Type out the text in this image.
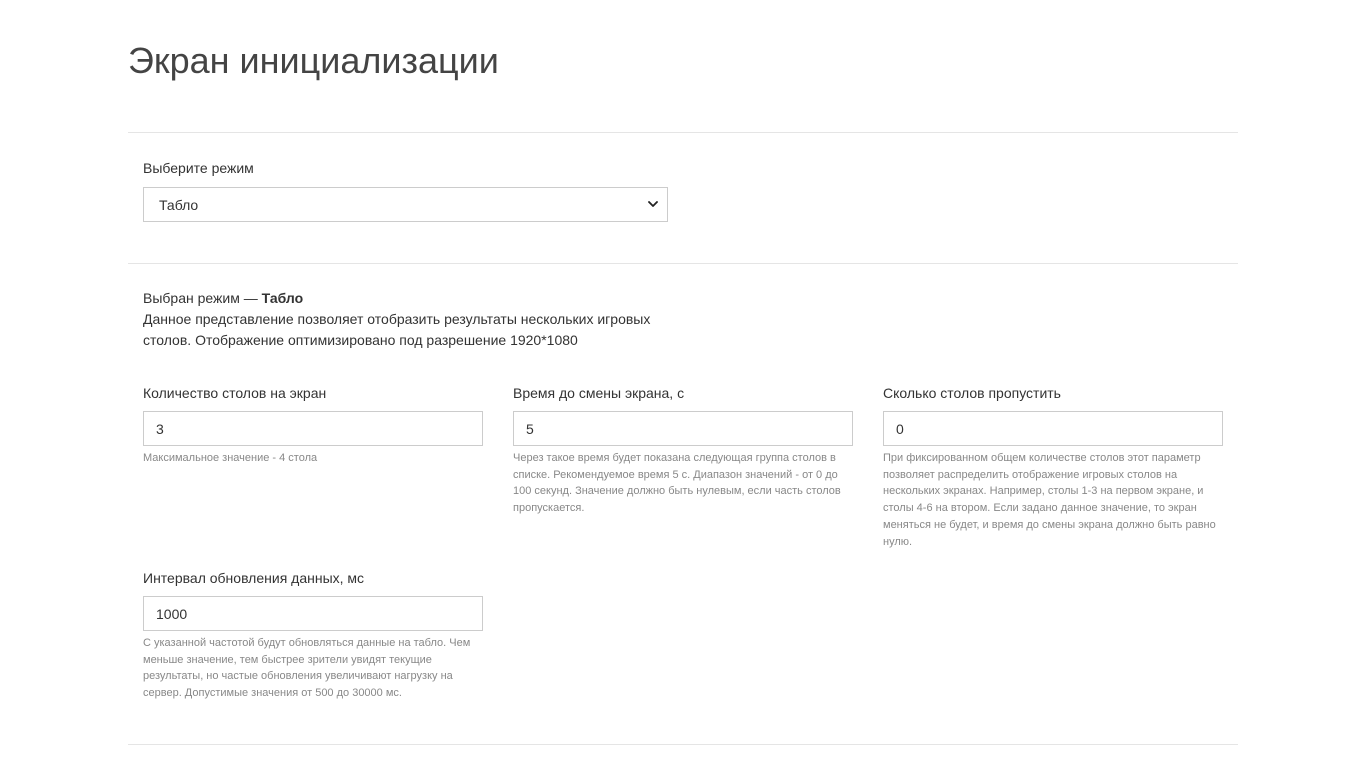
Экран инициализации
Выберите режим
Табло
Выбран режим — Табло
Данное представление позволяет отобразить результаты нескольких игровых столов. Отображение оптимизировано под разрешение 1920*1080
Количество столов на экран
3
Максимальное значение - 4 стола
Время до смены экрана, с
5
Через такое время будет показана следующая группа столов в списке. Рекомендуемое время 5 с. Диапазон значений - от 0 до 100 секунд. Значение должно быть нулевым, если часть столов пропускается.
Сколько столов пропустить
0
При фиксированном общем количестве столов этот параметр позволяет распределить отображение игровых столов на нескольких экранах. Например, столы 1-3 на первом экране, и столы 4-6 на втором. Если задано данное значение, то экран меняться не будет, и время до смены экрана должно быть равно нулю.
Интервал обновления данных, мс
1000
С указанной частотой будут обновляться данные на табло. Чем меньше значение, тем быстрее зрители увидят текущие результаты, но частые обновления увеличивают нагрузку на сервер. Допустимые значения от 500 до 30000 мс.
